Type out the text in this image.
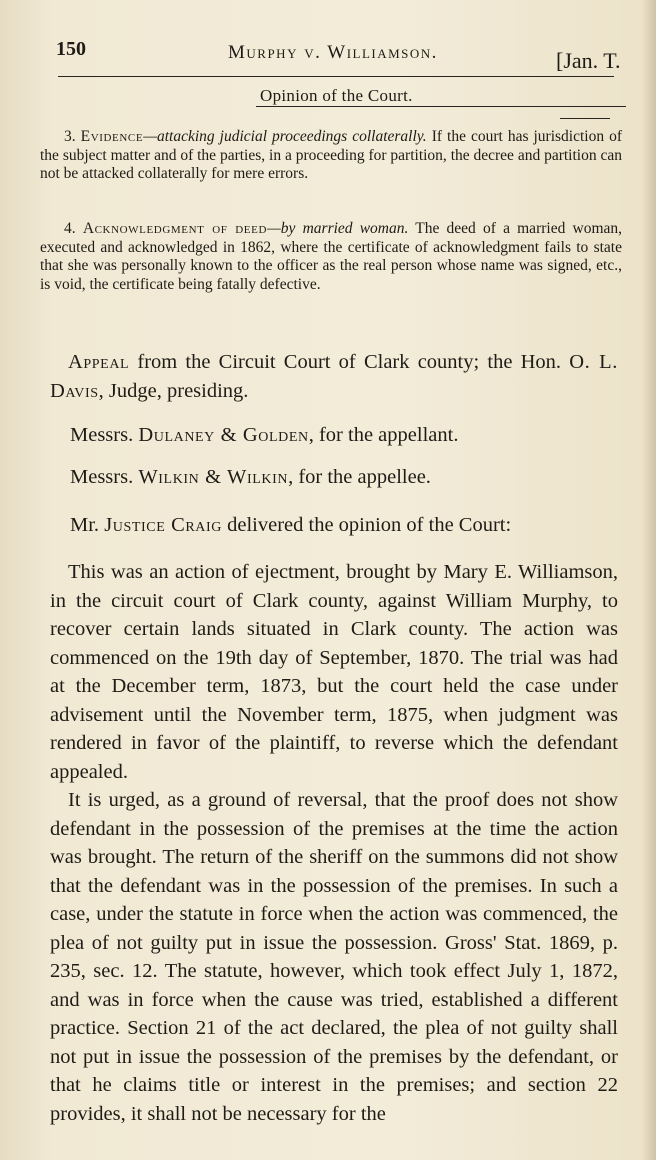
150	Murphy v. Williamson.	[Jan. T.
Opinion of the Court.

3. Evidence—attacking judicial proceedings collaterally. If the court has jurisdiction of the subject matter and of the parties, in a proceeding for partition, the decree and partition can not be attacked collaterally for mere errors.

4. Acknowledgment of deed—by married woman. The deed of a married woman, executed and acknowledged in 1862, where the certificate of acknowledgment fails to state that she was personally known to the officer as the real person whose name was signed, etc., is void, the certificate being fatally defective.

Appeal from the Circuit Court of Clark county; the Hon. O. L. Davis, Judge, presiding.

Messrs. Dulaney & Golden, for the appellant.
Messrs. Wilkin & Wilkin, for the appellee.
Mr. Justice Craig delivered the opinion of the Court:

This was an action of ejectment, brought by Mary E. Williamson, in the circuit court of Clark county, against William Murphy, to recover certain lands situated in Clark county. The action was commenced on the 19th day of September, 1870. The trial was had at the December term, 1873, but the court held the case under advisement until the November term, 1875, when judgment was rendered in favor of the plaintiff, to reverse which the defendant appealed.

It is urged, as a ground of reversal, that the proof does not show defendant in the possession of the premises at the time the action was brought. The return of the sheriff on the summons did not show that the defendant was in the possession of the premises. In such a case, under the statute in force when the action was commenced, the plea of not guilty put in issue the possession. Gross' Stat. 1869, p. 235, sec. 12. The statute, however, which took effect July 1, 1872, and was in force when the cause was tried, established a different practice. Section 21 of the act declared, the plea of not guilty shall not put in issue the possession of the premises by the defendant, or that he claims title or interest in the premises; and section 22 provides, it shall not be necessary for the
